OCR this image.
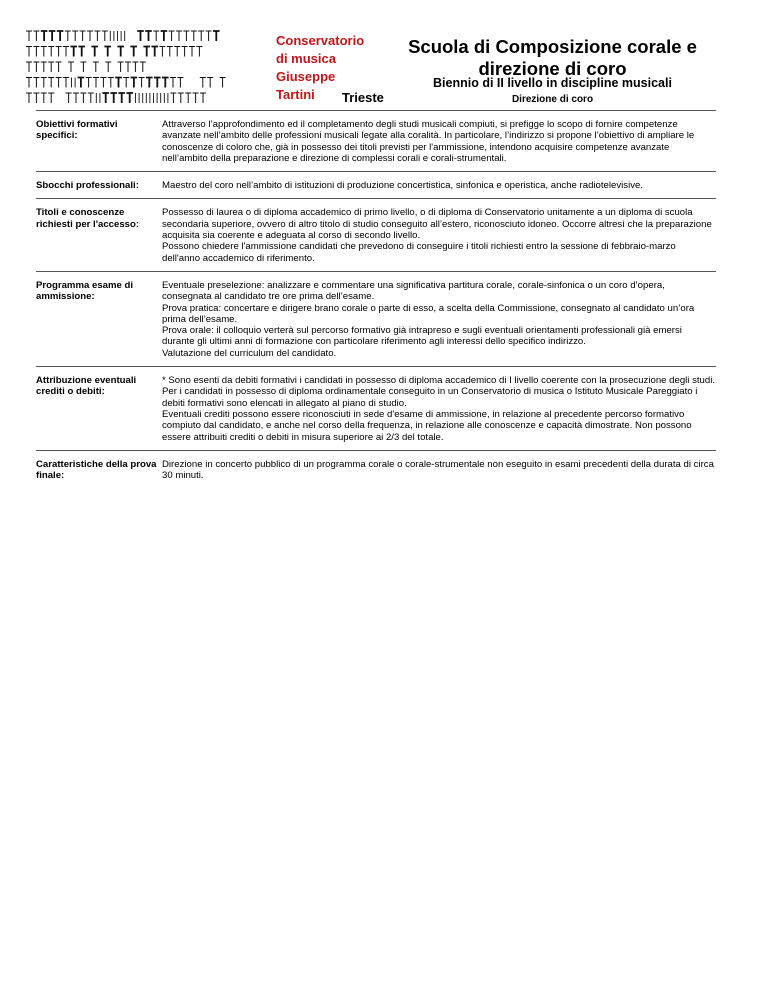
Conservatorio
di musica
Giuseppe
Tartini	Trieste
Scuola di Composizione corale e
direzione di coro
Biennio di II livello in discipline musicali
Direzione di coro
Obiettivi formativi specifici:

Attraverso l’approfondimento ed il completamento degli studi musicali compiuti, si prefigge lo scopo di fornire competenze avanzate nell’ambito delle professioni musicali legate alla coralità. In particolare, l’indirizzo si propone l’obiettivo di ampliare le conoscenze di coloro che, già in possesso dei titoli previsti per l'ammissione, intendono acquisire competenze avanzate nell’ambito della preparazione e direzione di complessi corali e corali-strumentali.

Sbocchi professionali:	Maestro del coro nell’ambito di istituzioni di produzione concertistica, sinfonica e operistica, anche radiotelevisive.

Titoli e conoscenze richiesti per l'accesso:

Possesso di laurea o di diploma accademico di primo livello, o di diploma di Conservatorio unitamente a un diploma di scuola secondaria superiore, ovvero di altro titolo di studio conseguito all’estero, riconosciuto idoneo. Occorre altresì che la preparazione acquisita sia coerente e adeguata al corso di secondo livello.

Possono chiedere l'ammissione candidati che prevedono di conseguire i titoli richiesti entro la sessione di febbraio-marzo dell'anno accademico di riferimento.

Programma esame di ammissione:

Eventuale preselezione: analizzare e commentare una significativa partitura corale, corale-sinfonica o un coro d’opera, consegnata al candidato tre ore prima dell’esame.

Prova pratica: concertare e dirigere brano corale o parte di esso, a scelta della Commissione, consegnato al candidato un’ora prima dell’esame.

Prova orale: il colloquio verterà sul percorso formativo già intrapreso e sugli eventuali orientamenti professionali già emersi durante gli ultimi anni di formazione con particolare riferimento agli interessi dello specifico indirizzo.

Valutazione del curriculum del candidato.

Attribuzione eventuali crediti o debiti:

* Sono esenti da debiti formativi i candidati in possesso di diploma accademico di I livello coerente con la prosecuzione degli studi.

Per i candidati in possesso di diploma ordinamentale conseguito in un Conservatorio di musica o Istituto Musicale Pareggiato i debiti formativi sono elencati in allegato al piano di studio.

Eventuali crediti possono essere riconosciuti in sede d'esame di ammissione, in relazione al precedente percorso formativo compiuto dal candidato, e anche nel corso della frequenza, in relazione alle conoscenze e capacità dimostrate. Non possono essere attribuiti crediti o debiti in misura superiore ai 2/3 del totale.

Caratteristiche della prova finale:

Direzione in concerto pubblico di un programma corale o corale-strumentale non eseguito in esami precedenti della durata di circa 30 minuti.
